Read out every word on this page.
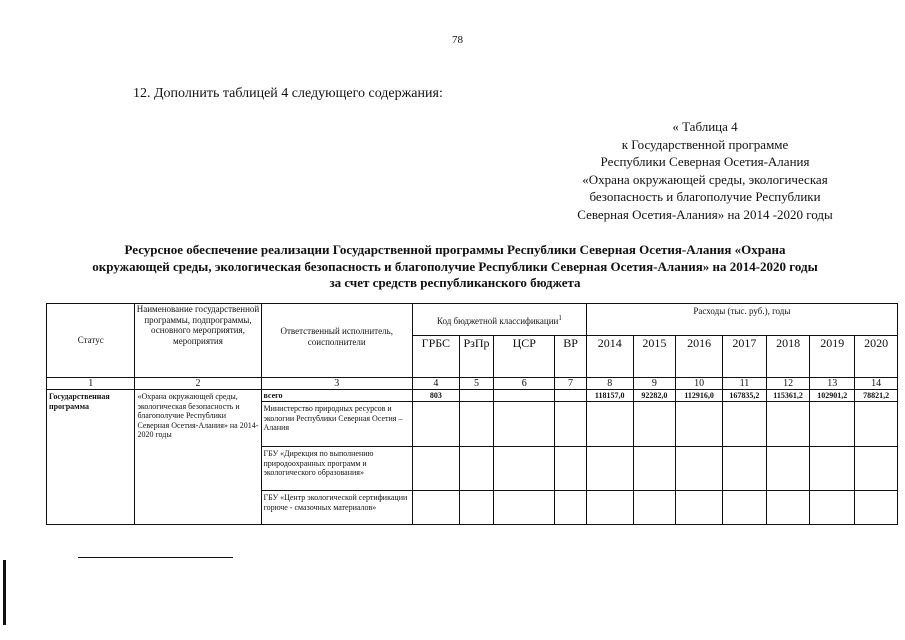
78
12. Дополнить таблицей 4 следующего содержания:
« Таблица 4
к Государственной программе
Республики Северная Осетия-Алания
«Охрана окружающей среды, экологическая
безопасность и благополучие Республики
Северная Осетия-Алания» на 2014 -2020 годы
Ресурсное обеспечение реализации Государственной программы Республики Северная Осетия-Алания «Охрана
окружающей среды, экологическая безопасность и благополучие Республики Северная Осетия-Алания» на 2014-2020 годы
за счет средств республиканского бюджета
Статус	Наименование государственной программы, подпрограммы, основного мероприятия, мероприятия	Ответственный исполнитель, соисполнители	Код бюджетной классификации$^1$				Расходы (тыс. руб.), годы						
			ГРБС	РзПр	ЦСР	ВР	2014	2015	2016	2017	2018	2019	2020
1	2	3	4	5	6	7	8	9	10	11	12	13	14
Государственная программа	«Охрана окружающей среды, экологическая безопасность и благополучие Республики Северная Осетия-Алания» на 2014-2020 годы	всего	803				118157,0	92282,0	112916,0	167835,2	115361,2	102901,2	78821,2
		Министерство природных ресурсов и экологии Республики Северная Осетия – Алания											
		ГБУ «Дирекция по выполнению природоохранных программ и экологического образования»											
		ГБУ «Центр экологической сертификации горюче - смазочных материалов»											
